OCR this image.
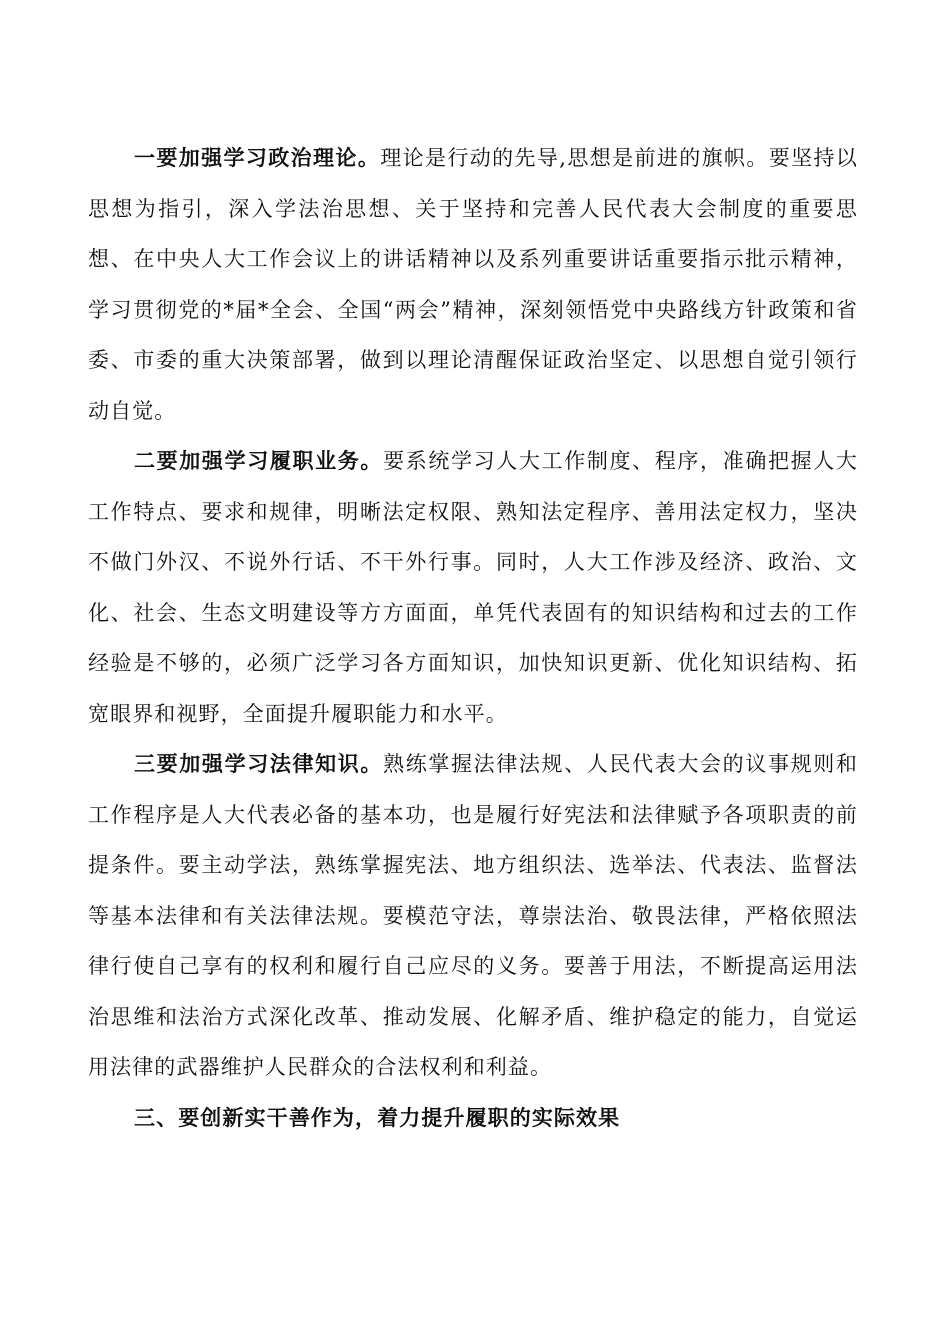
一要加强学习政治理论。理论是行动的先导,思想是前进的旗帜。要坚持以思想为指引，深入学法治思想、关于坚持和完善人民代表大会制度的重要思想、在中央人大工作会议上的讲话精神以及系列重要讲话重要指示批示精神，学习贯彻党的*届*全会、全国“两会”精神，深刻领悟党中央路线方针政策和省委、市委的重大决策部署，做到以理论清醒保证政治坚定、以思想自觉引领行动自觉。

二要加强学习履职业务。要系统学习人大工作制度、程序，准确把握人大工作特点、要求和规律，明晰法定权限、熟知法定程序、善用法定权力，坚决不做门外汉、不说外行话、不干外行事。同时，人大工作涉及经济、政治、文化、社会、生态文明建设等方方面面，单凭代表固有的知识结构和过去的工作经验是不够的，必须广泛学习各方面知识，加快知识更新、优化知识结构、拓宽眼界和视野，全面提升履职能力和水平。

三要加强学习法律知识。熟练掌握法律法规、人民代表大会的议事规则和工作程序是人大代表必备的基本功，也是履行好宪法和法律赋予各项职责的前提条件。要主动学法，熟练掌握宪法、地方组织法、选举法、代表法、监督法等基本法律和有关法律法规。要模范守法，尊崇法治、敬畏法律，严格依照法律行使自己享有的权利和履行自己应尽的义务。要善于用法，不断提高运用法治思维和法治方式深化改革、推动发展、化解矛盾、维护稳定的能力，自觉运用法律的武器维护人民群众的合法权利和利益。

三、要创新实干善作为，着力提升履职的实际效果
